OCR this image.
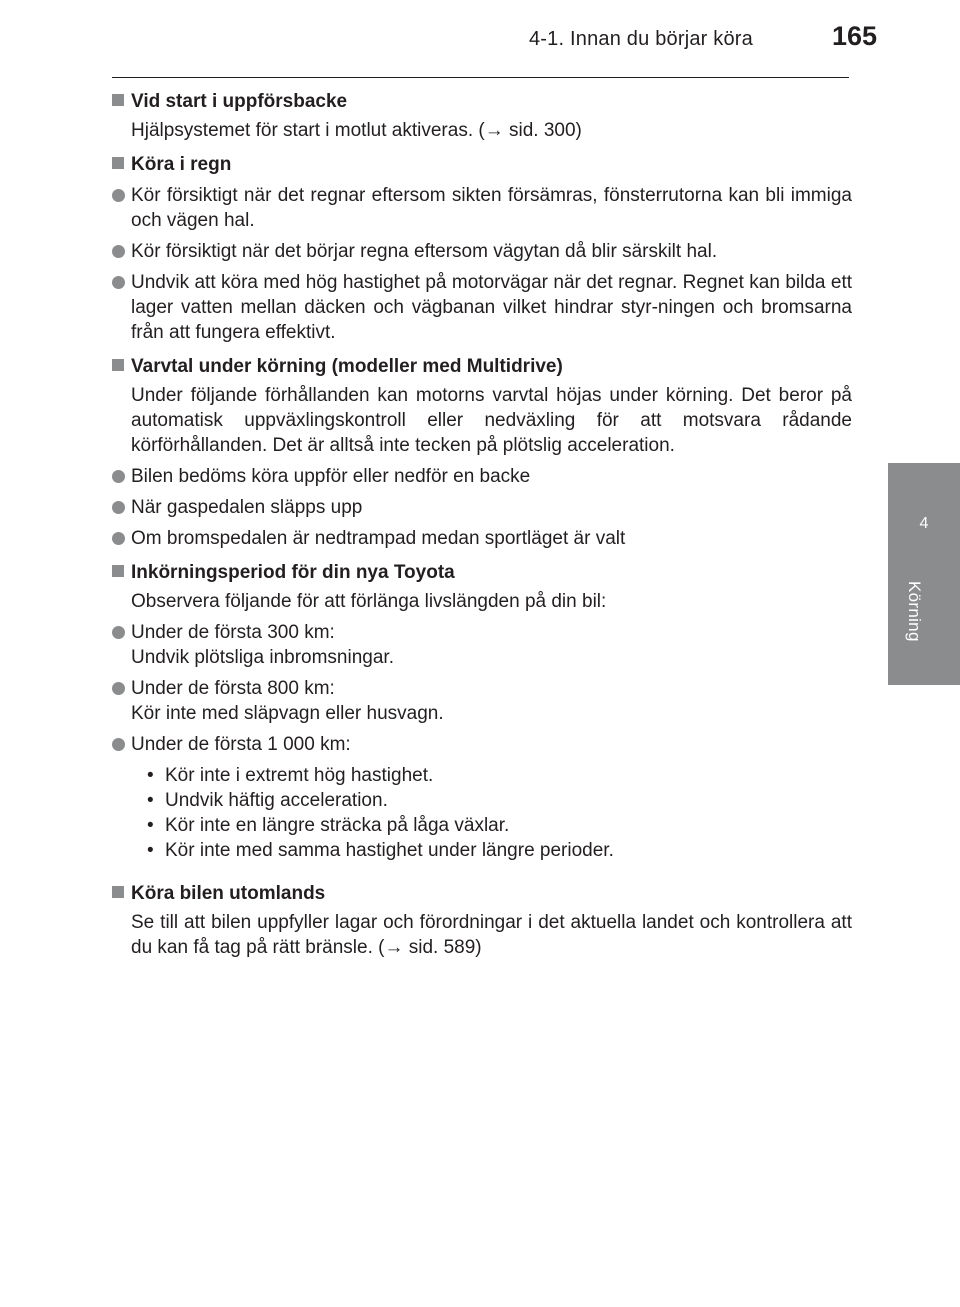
4-1. Innan du börjar köra	165
4
Körning
Vid start i uppförsbacke
Hjälpsystemet för start i motlut aktiveras. (→ sid. 300)
Köra i regn
Kör försiktigt när det regnar eftersom sikten försämras, fönsterrutorna kan bli immiga och vägen hal.
Kör försiktigt när det börjar regna eftersom vägytan då blir särskilt hal.
Undvik att köra med hög hastighet på motorvägar när det regnar. Regnet kan bilda ett lager vatten mellan däcken och vägbanan vilket hindrar styr-ningen och bromsarna från att fungera effektivt.
Varvtal under körning (modeller med Multidrive)
Under följande förhållanden kan motorns varvtal höjas under körning. Det beror på automatisk uppväxlingskontroll eller nedväxling för att motsvara rådande körförhållanden. Det är alltså inte tecken på plötslig acceleration.
Bilen bedöms köra uppför eller nedför en backe
När gaspedalen släpps upp
Om bromspedalen är nedtrampad medan sportläget är valt
Inkörningsperiod för din nya Toyota
Observera följande för att förlänga livslängden på din bil:
Under de första 300 km:
Undvik plötsliga inbromsningar.
Under de första 800 km:
Kör inte med släpvagn eller husvagn.
Under de första 1 000 km:
• Kör inte i extremt hög hastighet.
• Undvik häftig acceleration.
• Kör inte en längre sträcka på låga växlar.
• Kör inte med samma hastighet under längre perioder.
Köra bilen utomlands
Se till att bilen uppfyller lagar och förordningar i det aktuella landet och kontrollera att du kan få tag på rätt bränsle. (→ sid. 589)
